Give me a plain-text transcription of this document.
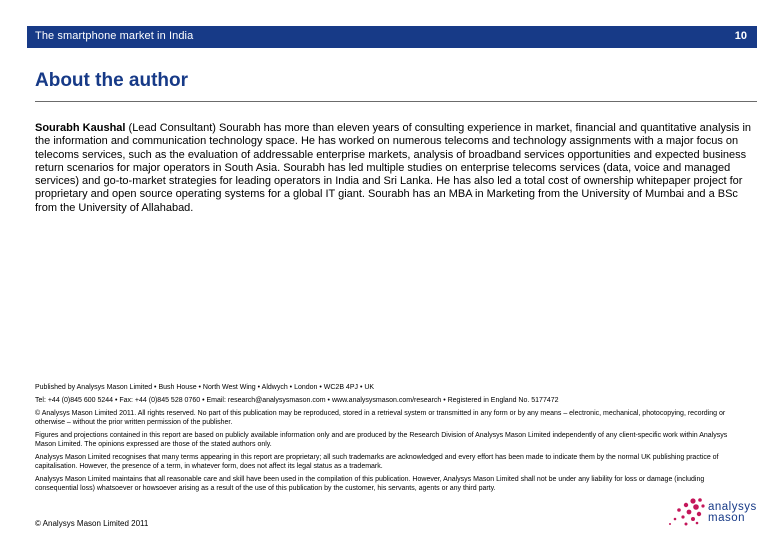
The smartphone market in India	10
About the author

Sourabh Kaushal (Lead Consultant) Sourabh has more than eleven years of consulting experience in market, financial and quantitative analysis in the information and communication technology space. He has worked on numerous telecoms and technology assignments with a major focus on telecoms services, such as the evaluation of addressable enterprise markets, analysis of broadband services opportunities and expected business return scenarios for major operators in South Asia. Sourabh has led multiple studies on enterprise telecoms services (data, voice and managed services) and go-to-market strategies for leading operators in India and Sri Lanka. He has also led a total cost of ownership whitepaper project for proprietary and open source operating systems for a global IT giant. Sourabh has an MBA in Marketing from the University of Mumbai and a BSc from the University of Allahabad.

Published by Analysys Mason Limited • Bush House • North West Wing • Aldwych • London • WC2B 4PJ • UK

Tel: +44 (0)845 600 5244 • Fax: +44 (0)845 528 0760 • Email: research@analysysmason.com • www.analysysmason.com/research • Registered in England No. 5177472

© Analysys Mason Limited 2011. All rights reserved. No part of this publication may be reproduced, stored in a retrieval system or transmitted in any form or by any means – electronic, mechanical, photocopying, recording or otherwise – without the prior written permission of the publisher.

Figures and projections contained in this report are based on publicly available information only and are produced by the Research Division of Analysys Mason Limited independently of any client-specific work within Analysys Mason Limited. The opinions expressed are those of the stated authors only.

Analysys Mason Limited recognises that many terms appearing in this report are proprietary; all such trademarks are acknowledged and every effort has been made to indicate them by the normal UK publishing practice of capitalisation. However, the presence of a term, in whatever form, does not affect its legal status as a trademark.

Analysys Mason Limited maintains that all reasonable care and skill have been used in the compilation of this publication. However, Analysys Mason Limited shall not be under any liability for loss or damage (including consequential loss) whatsoever or howsoever arising as a result of the use of this publication by the customer, his servants, agents or any third party.

© Analysys Mason Limited 2011
analysys
mason
